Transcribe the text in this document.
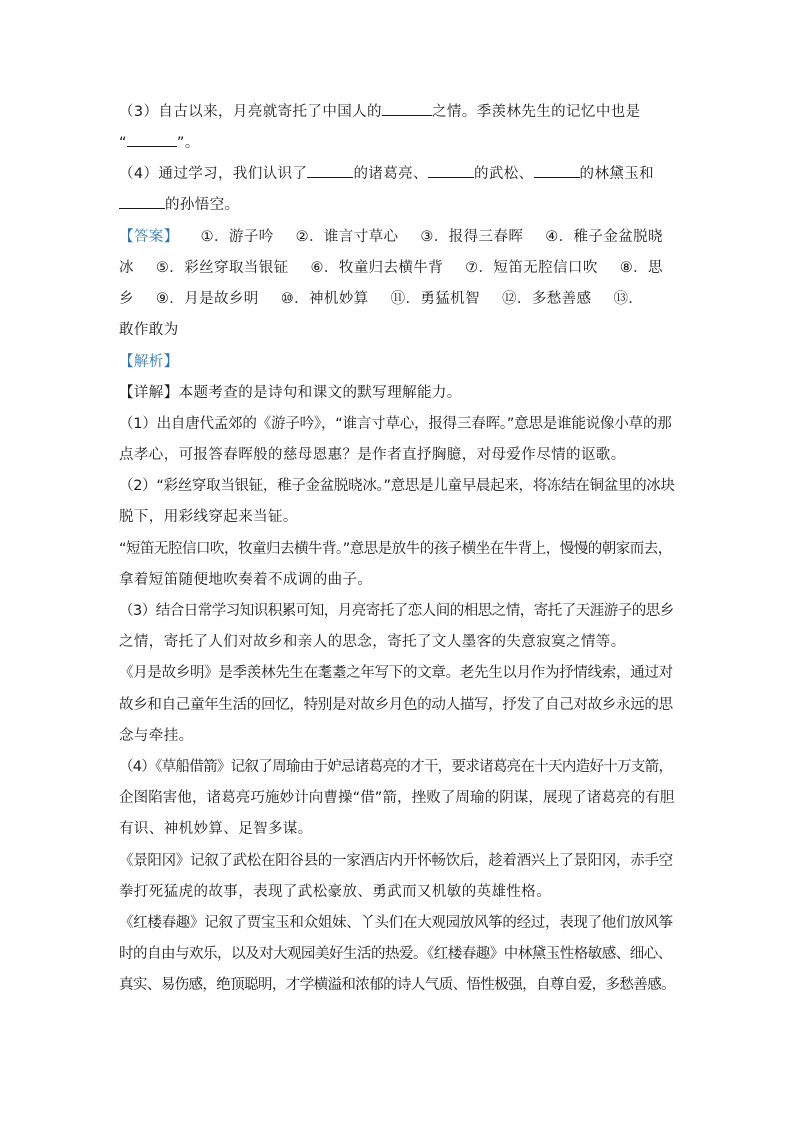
（3）自古以来，月亮就寄托了中国人的	之情。季羡林先生的记忆中也是
“	”。
（4）通过学习，我们认识了	的诸葛亮、	的武松、	的林黛玉和
的孙悟空。
【答案】 ①．游子吟 ②．谁言寸草心 ③．报得三春晖 ④．稚子金盆脱晓
冰 ⑤．彩丝穿取当银钲 ⑥．牧童归去横牛背 ⑦．短笛无腔信口吹 ⑧．思
乡 ⑨．月是故乡明 ⑩．神机妙算 ⑪．勇猛机智 ⑫．多愁善感 ⑬．
敢作敢为
【解析】
【详解】本题考查的是诗句和课文的默写理解能力。
（1）出自唐代孟郊的《游子吟》，“谁言寸草心，报得三春晖。”意思是谁能说像小草的那
点孝心，可报答春晖般的慈母恩惠？是作者直抒胸臆，对母爱作尽情的讴歌。
（2）“彩丝穿取当银钲，稚子金盆脱晓冰。”意思是儿童早晨起来，将冻结在铜盆里的冰块
脱下，用彩线穿起来当钲。
“短笛无腔信口吹，牧童归去横牛背。”意思是放牛的孩子横坐在牛背上，慢慢的朝家而去，
拿着短笛随便地吹奏着不成调的曲子。
（3）结合日常学习知识积累可知，月亮寄托了恋人间的相思之情，寄托了天涯游子的思乡
之情，寄托了人们对故乡和亲人的思念，寄托了文人墨客的失意寂寞之情等。
《月是故乡明》是季羡林先生在耄耋之年写下的文章。老先生以月作为抒情线索，通过对
故乡和自己童年生活的回忆，特别是对故乡月色的动人描写，抒发了自己对故乡永远的思
念与牵挂。
（4）《草船借箭》记叙了周瑜由于妒忌诸葛亮的才干，要求诸葛亮在十天内造好十万支箭，
企图陷害他，诸葛亮巧施妙计向曹操“借”箭，挫败了周瑜的阴谋，展现了诸葛亮的有胆
有识、神机妙算、足智多谋。
《景阳冈》记叙了武松在阳谷县的一家酒店内开怀畅饮后，趁着酒兴上了景阳冈，赤手空
拳打死猛虎的故事，表现了武松豪放、勇武而又机敏的英雄性格。
《红楼春趣》记叙了贾宝玉和众姐妹、丫头们在大观园放风筝的经过，表现了他们放风筝
时的自由与欢乐，以及对大观园美好生活的热爱。《红楼春趣》中林黛玉性格敏感、细心、
真实、易伤感，绝顶聪明，才学横溢和浓郁的诗人气质、悟性极强，自尊自爱，多愁善感。
